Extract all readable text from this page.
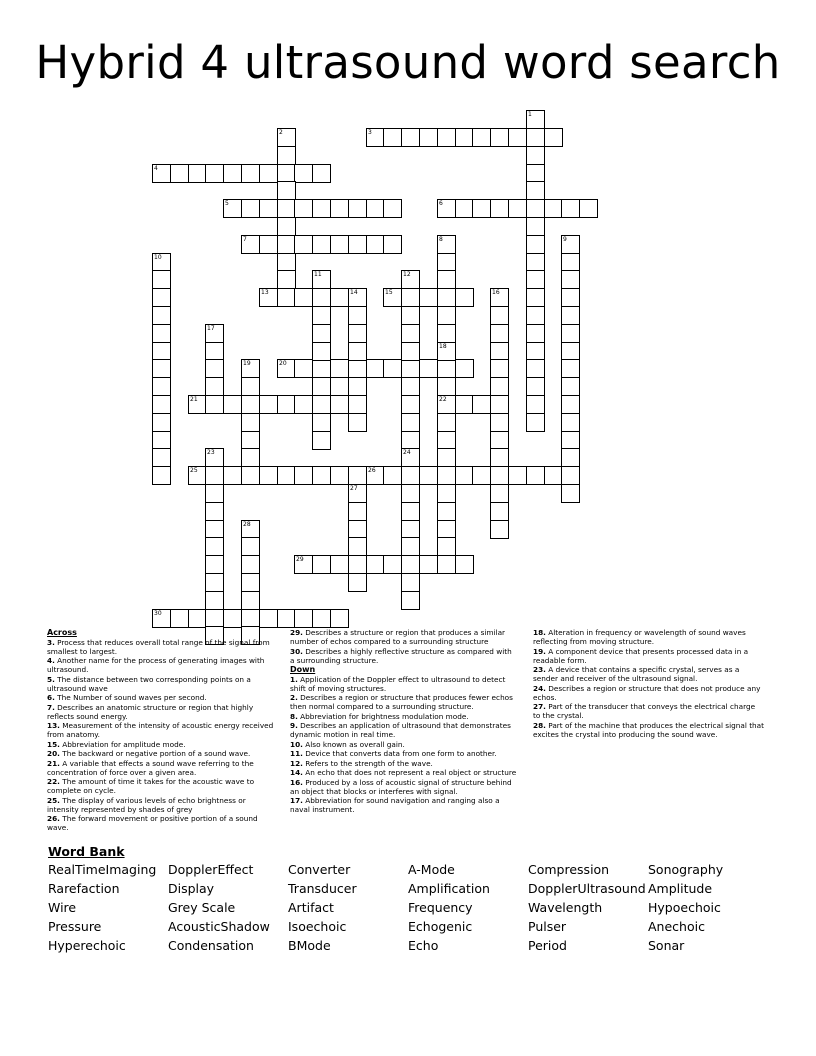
Hybrid 4 ultrasound word search
3
4
5	6
7
13	15
20
21	22
25	26
29
30
1
2
8
18
9
10
11	12
24
14	16
17
19
23
27
28

Across

3. Process that reduces overall total range of the signal from smallest to largest.

4. Another name for the process of generating images with ultrasound.

5. The distance between two corresponding points on a ultrasound wave

6. The Number of sound waves per second.

7. Describes an anatomic structure or region that highly reflects sound energy.

13. Measurement of the intensity of acoustic energy received from anatomy.

15. Abbreviation for amplitude mode.

20. The backward or negative portion of a sound wave.

21. A variable that effects a sound wave referring to the concentration of force over a given area.

22. The amount of time it takes for the acoustic wave to complete on cycle.

25. The display of various levels of echo brightness or intensity represented by shades of grey

26. The forward movement or positive portion of a sound wave.

29. Describes a structure or region that produces a similar number of echos compared to a surrounding structure

30. Describes a highly reflective structure as compared with a surrounding structure.

Down

1. Application of the Doppler effect to ultrasound to detect shift of moving structures.

2. Describes a region or structure that produces fewer echos then normal compared to a surrounding structure.

8. Abbreviation for brightness modulation mode.

9. Describes an application of ultrasound that demonstrates dynamic motion in real time.

10. Also known as overall gain.

11. Device that converts data from one form to another.

12. Refers to the strength of the wave.

14. An echo that does not represent a real object or structure

16. Produced by a loss of acoustic signal of structure behind an object that blocks or interferes with signal.

17. Abbreviation for sound navigation and ranging also a naval instrument.

18. Alteration in frequency or wavelength of sound waves reflecting from moving structure.

19. A component device that presents processed data in a readable form.

23. A device that contains a specific crystal, serves as a sender and receiver of the ultrasound signal.

24. Describes a region or structure that does not produce any echos.

27. Part of the transducer that conveys the electrical charge to the crystal.

28. Part of the machine that produces the electrical signal that excites the crystal into producing the sound wave.

Word Bank
RealTimeImaging DopplerEffect	Converter	A-Mode	Compression	Sonography
Rarefaction	Display	Transducer	Amplification	DopplerUltrasound Amplitude
Wire	Grey Scale	Artifact	Frequency	Wavelength	Hypoechoic
Pressure	AcousticShadow Isoechoic	Echogenic	Pulser	Anechoic
Hyperechoic	Condensation	BMode	Echo	Period	Sonar
